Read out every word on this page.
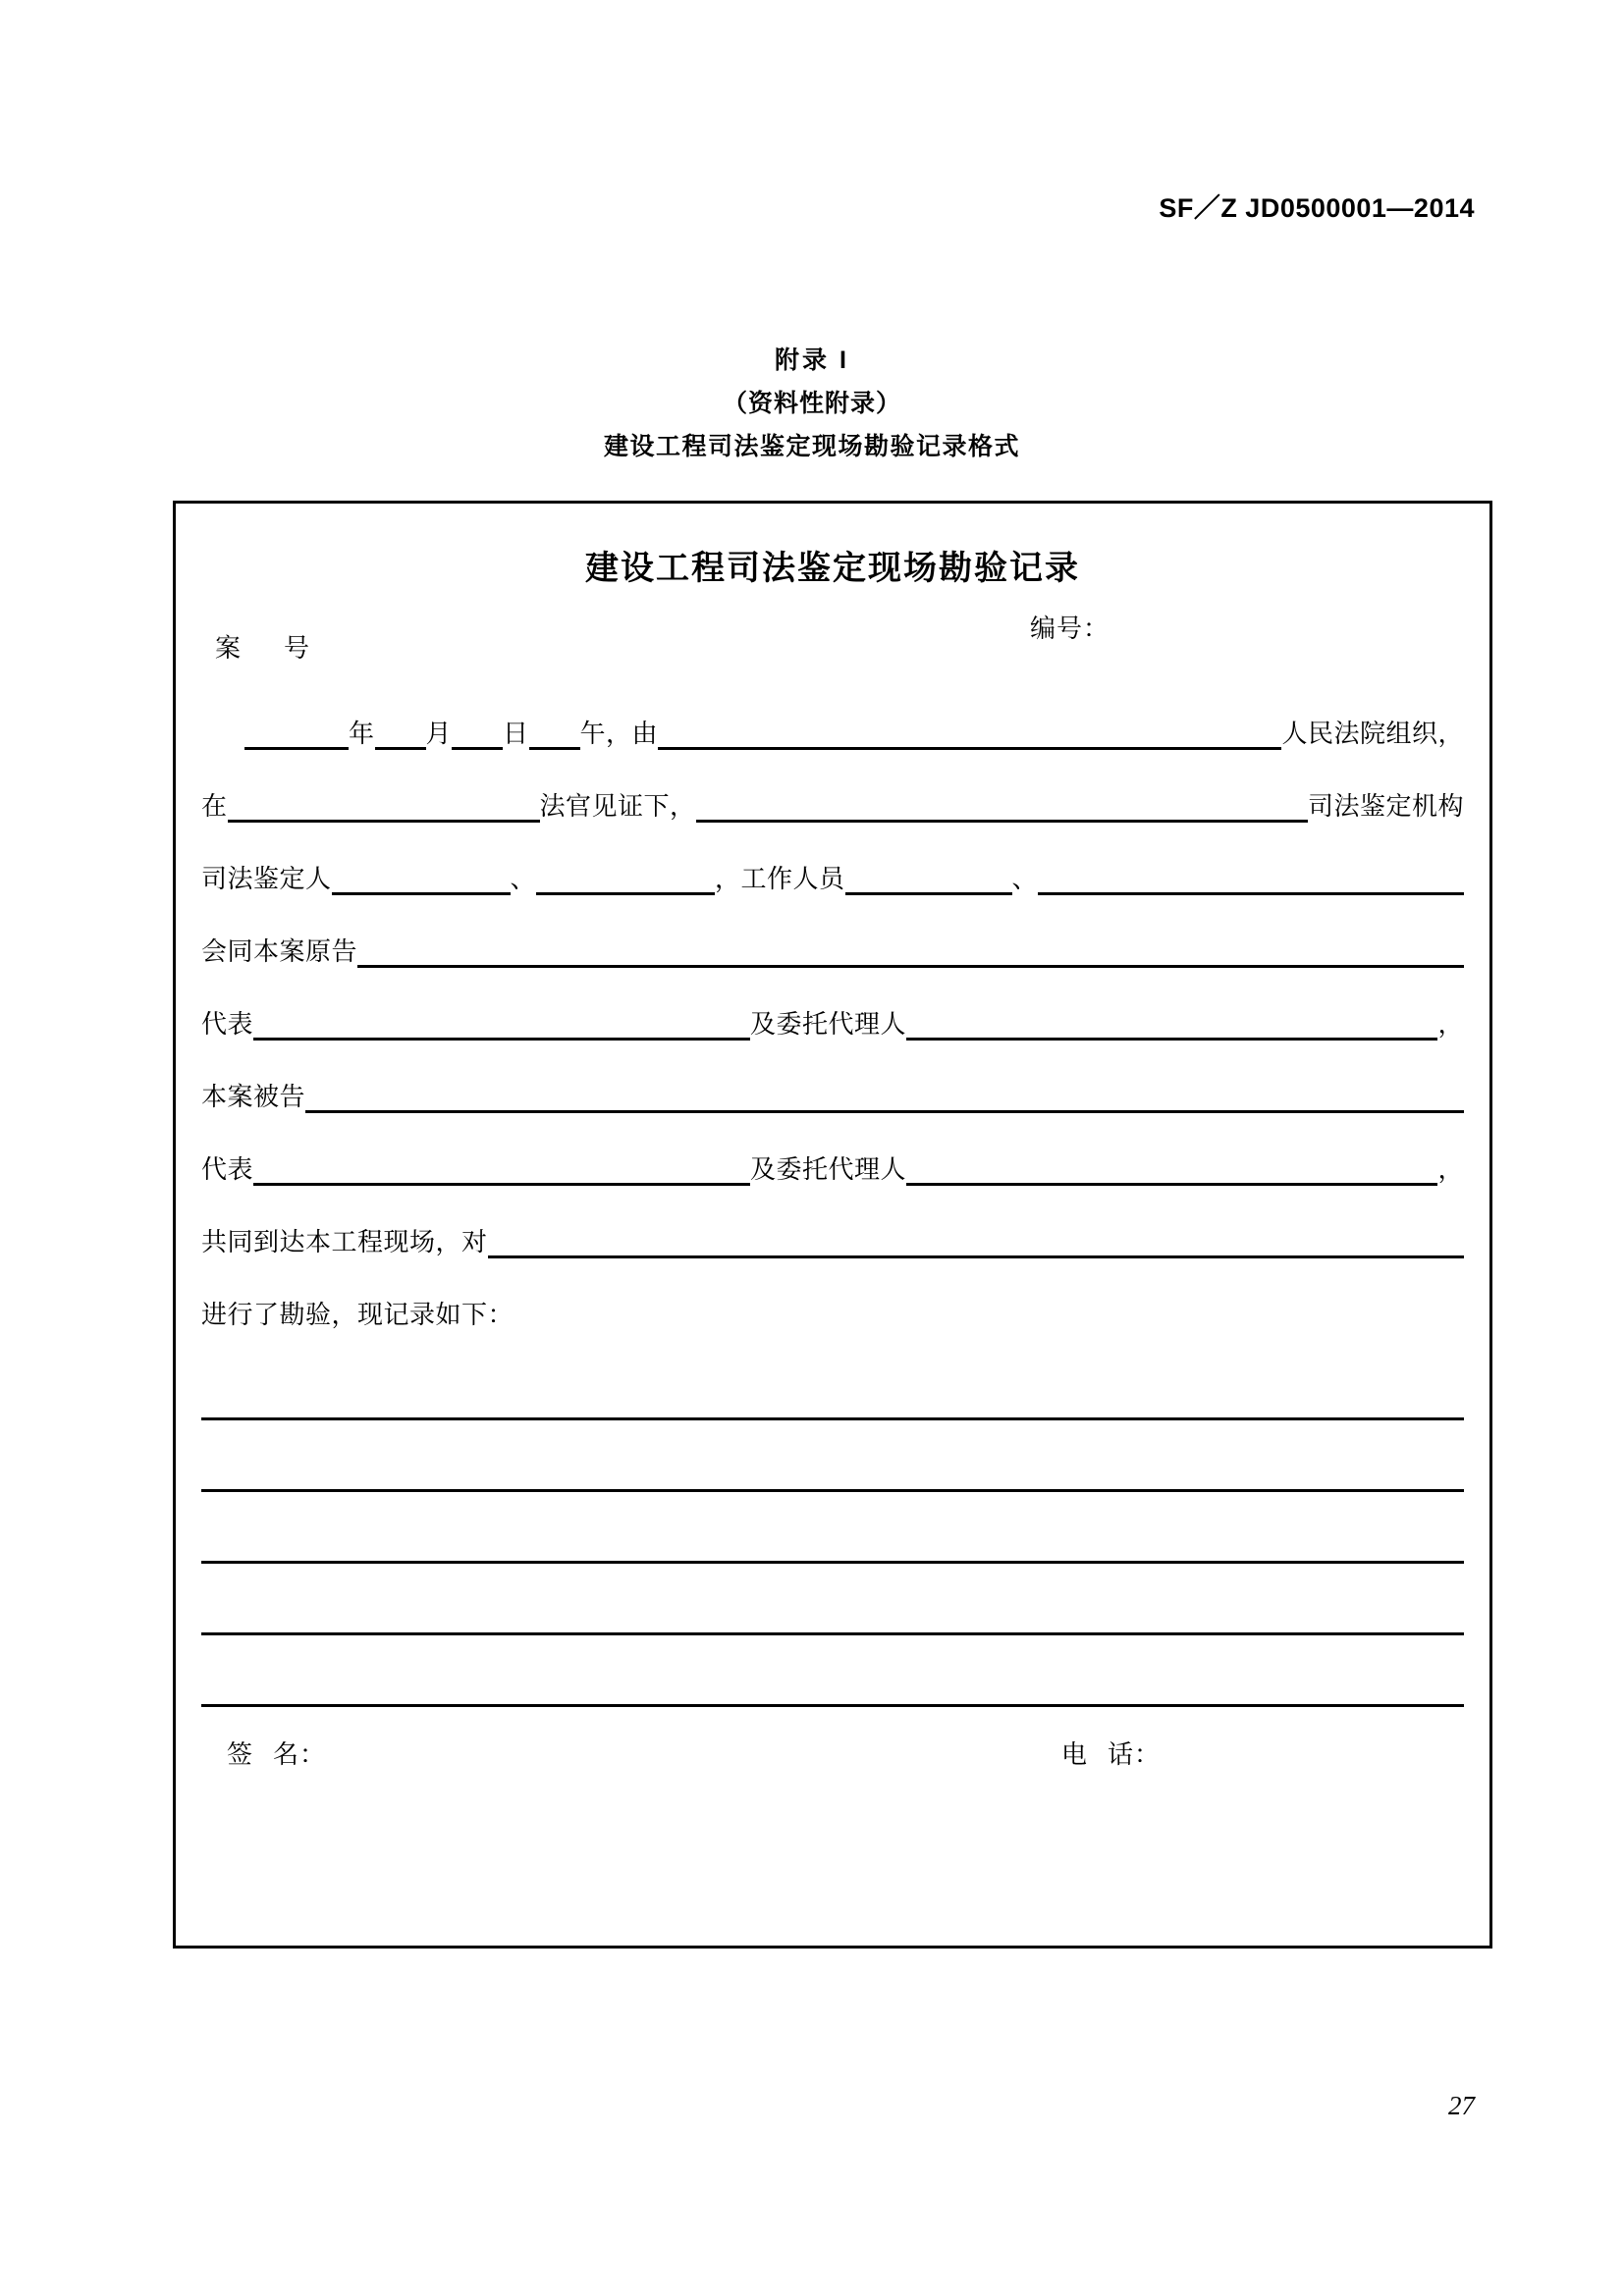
SF／Z JD0500001—2014
附录 I
（资料性附录）
建设工程司法鉴定现场勘验记录格式
建设工程司法鉴定现场勘验记录
案 号
编号：
年 月 日 午，由	人民法院组织，
在	法官见证下，	司法鉴定机构
司法鉴定人	、	，工作人员	、
会同本案原告
代表	及委托代理人	，
本案被告
代表	及委托代理人	，
共同到达本工程现场，对
进行了勘验，现记录如下：
签 名：	电 话：
27
